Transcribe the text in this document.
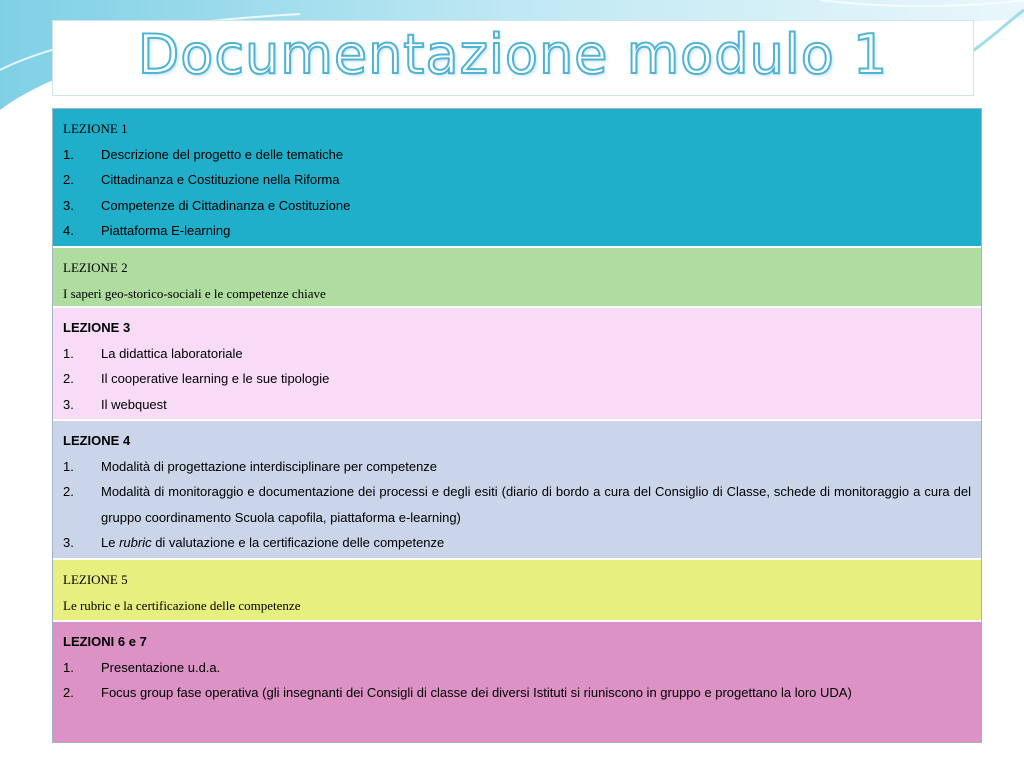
Documentazione modulo 1
LEZIONE 1
1.	Descrizione del progetto e delle tematiche
2.	Cittadinanza e Costituzione nella Riforma
3.	Competenze di Cittadinanza e Costituzione
4.	Piattaforma E-learning
LEZIONE 2
I saperi geo-storico-sociali e le competenze chiave
LEZIONE 3
1.	La didattica laboratoriale
2.	Il cooperative learning e le sue tipologie
3.	Il webquest
LEZIONE 4
1.	Modalità di progettazione interdisciplinare per competenze
2.	Modalità di monitoraggio e documentazione dei processi e degli esiti (diario di bordo a cura del Consiglio di Classe, schede di monitoraggio a cura del gruppo coordinamento Scuola capofila, piattaforma e-learning)
3.	Le rubric di valutazione e la certificazione delle competenze
LEZIONE 5
Le rubric e la certificazione delle competenze
LEZIONI 6 e 7
1.	Presentazione u.d.a.
2.	Focus group fase operativa (gli insegnanti dei Consigli di classe dei diversi Istituti si riuniscono in gruppo e progettano la loro UDA)
